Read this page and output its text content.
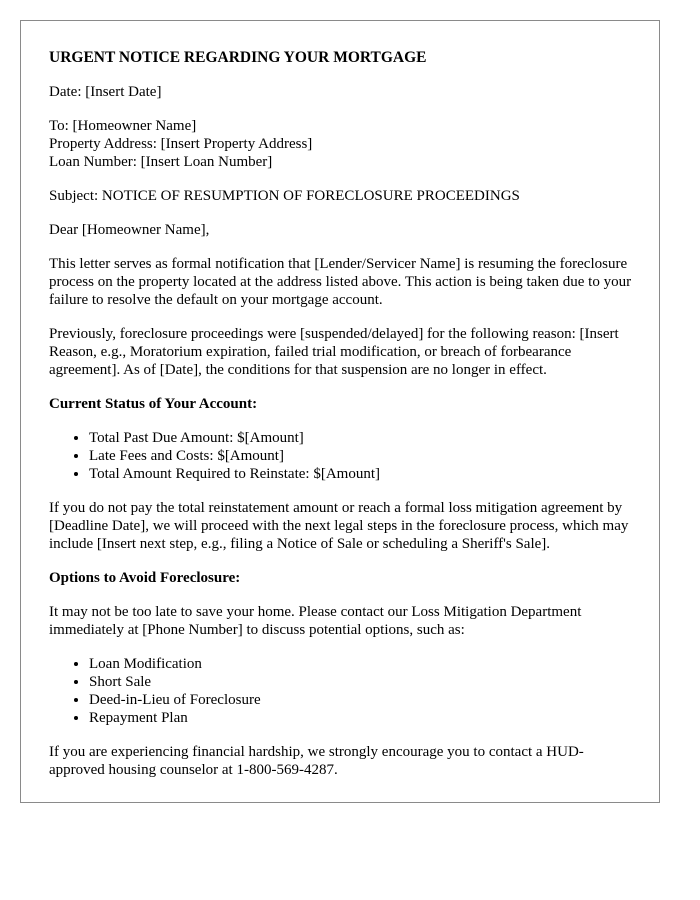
URGENT NOTICE REGARDING YOUR MORTGAGE

Date: [Insert Date]

To: [Homeowner Name]
Property Address: [Insert Property Address]
Loan Number: [Insert Loan Number]

Subject: NOTICE OF RESUMPTION OF FORECLOSURE PROCEEDINGS

Dear [Homeowner Name],

This letter serves as formal notification that [Lender/Servicer Name] is resuming the foreclosure process on the property located at the address listed above. This action is being taken due to your failure to resolve the default on your mortgage account.

Previously, foreclosure proceedings were [suspended/delayed] for the following reason: [Insert Reason, e.g., Moratorium expiration, failed trial modification, or breach of forbearance agreement]. As of [Date], the conditions for that suspension are no longer in effect.

Current Status of Your Account:

• Total Past Due Amount: $[Amount]
• Late Fees and Costs: $[Amount]
• Total Amount Required to Reinstate: $[Amount]

If you do not pay the total reinstatement amount or reach a formal loss mitigation agreement by [Deadline Date], we will proceed with the next legal steps in the foreclosure process, which may include [Insert next step, e.g., filing a Notice of Sale or scheduling a Sheriff's Sale].

Options to Avoid Foreclosure:

It may not be too late to save your home. Please contact our Loss Mitigation Department immediately at [Phone Number] to discuss potential options, such as:

• Loan Modification
• Short Sale
• Deed-in-Lieu of Foreclosure
• Repayment Plan

If you are experiencing financial hardship, we strongly encourage you to contact a HUD-approved housing counselor at 1-800-569-4287.
